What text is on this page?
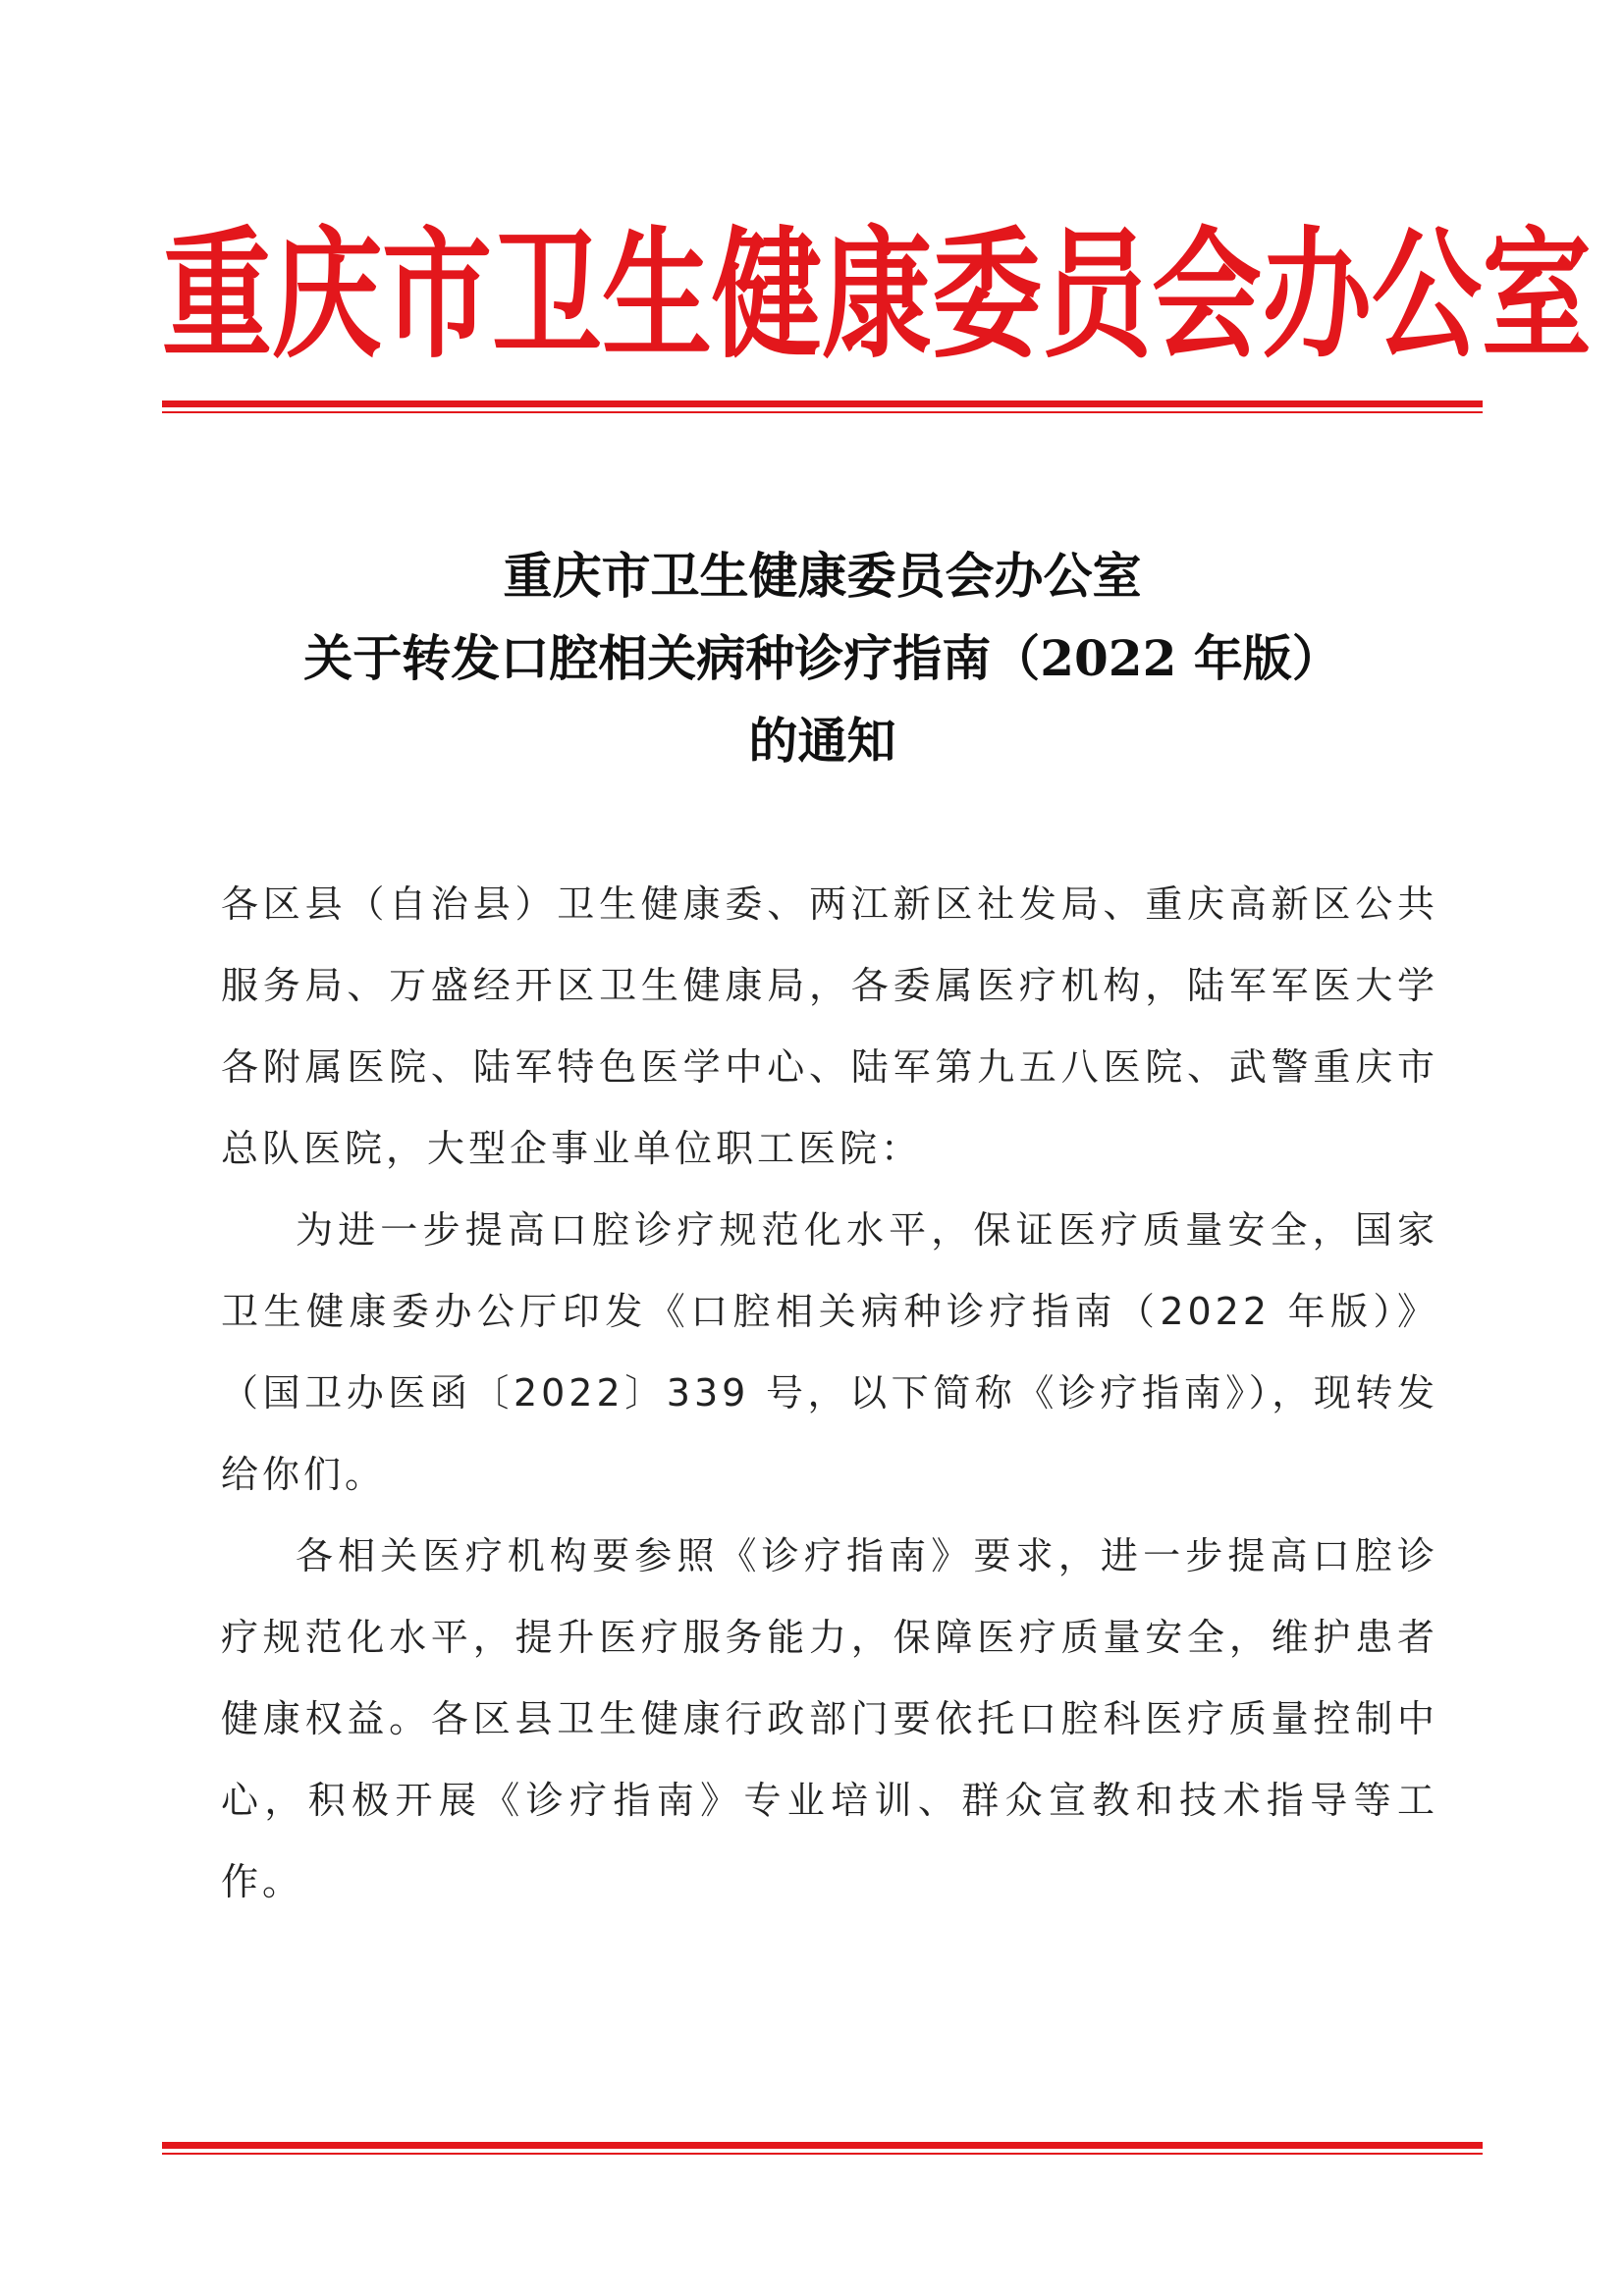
重庆市卫生健康委员会办公室
重庆市卫生健康委员会办公室
关于转发口腔相关病种诊疗指南（2022 年版）
的通知

各区县（自治县）卫生健康委、两江新区社发局、重庆高新区公共服务局、万盛经开区卫生健康局，各委属医疗机构，陆军军医大学各附属医院、陆军特色医学中心、陆军第九五八医院、武警重庆市总队医院，大型企事业单位职工医院：

为进一步提高口腔诊疗规范化水平，保证医疗质量安全，国家卫生健康委办公厅印发《口腔相关病种诊疗指南（2022 年版）》（国卫办医函〔2022〕339 号，以下简称《诊疗指南》），现转发给你们。

各相关医疗机构要参照《诊疗指南》要求，进一步提高口腔诊疗规范化水平，提升医疗服务能力，保障医疗质量安全，维护患者健康权益。各区县卫生健康行政部门要依托口腔科医疗质量控制中心，积极开展《诊疗指南》专业培训、群众宣教和技术指导等工作。
